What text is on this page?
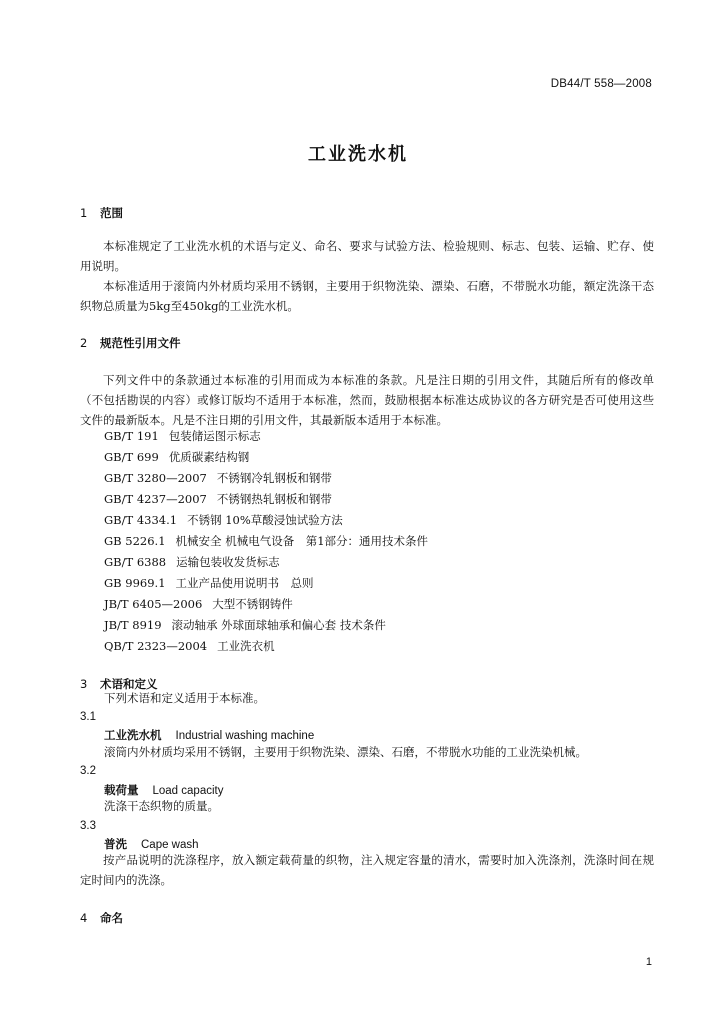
DB44/T 558—2008
工业洗水机
1 范围

本标准规定了工业洗水机的术语与定义、命名、要求与试验方法、检验规则、标志、包装、运输、贮存、使用说明。

本标准适用于滚筒内外材质均采用不锈钢，主要用于织物洗染、漂染、石磨，不带脱水功能，额定洗涤干态织物总质量为5kg至450kg的工业洗水机。

2 规范性引用文件

下列文件中的条款通过本标准的引用而成为本标准的条款。凡是注日期的引用文件，其随后所有的修改单（不包括勘误的内容）或修订版均不适用于本标准，然而，鼓励根据本标准达成协议的各方研究是否可使用这些文件的最新版本。凡是不注日期的引用文件，其最新版本适用于本标准。

GB/T 191 包装储运图示标志
GB/T 699 优质碳素结构钢
GB/T 3280—2007 不锈钢冷轧钢板和钢带
GB/T 4237—2007 不锈钢热轧钢板和钢带
GB/T 4334.1 不锈钢 10%草酸浸蚀试验方法
GB 5226.1 机械安全 机械电气设备　第1部分：通用技术条件
GB/T 6388 运输包装收发货标志
GB 9969.1 工业产品使用说明书　总则
JB/T 6405—2006 大型不锈钢铸件
JB/T 8919 滚动轴承 外球面球轴承和偏心套 技术条件
QB/T 2323—2004 工业洗衣机
3 术语和定义
下列术语和定义适用于本标准。
3.1
工业洗水机 Industrial washing machine
滚筒内外材质均采用不锈钢，主要用于织物洗染、漂染、石磨，不带脱水功能的工业洗染机械。
3.2
载荷量 Load capacity
洗涤干态织物的质量。
3.3
普洗 Cape wash

按产品说明的洗涤程序，放入额定载荷量的织物，注入规定容量的清水，需要时加入洗涤剂，洗涤时间在规定时间内的洗涤。

4 命名
1
